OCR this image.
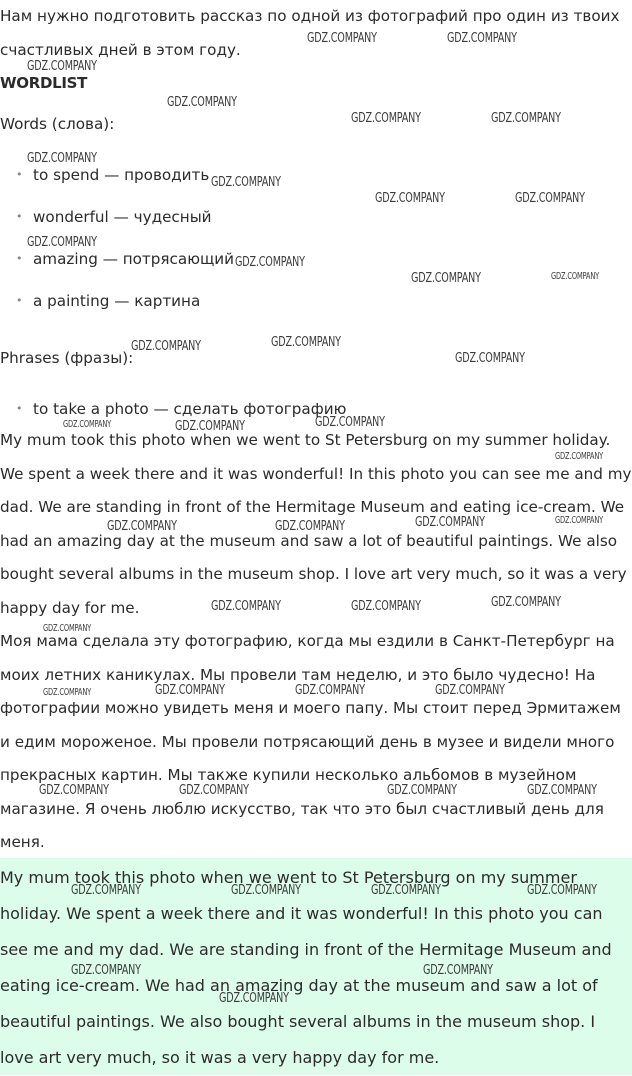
Нам нужно подготовить рассказ по одной из фотографий про один из твоих счастливых дней в этом году.
WORDLIST
Words (слова):
• to spend — проводить
• wonderful — чудесный
• amazing — потрясающий
• a painting — картина
Phrases (фразы):
• to take a photo — сделать фотографию
My mum took this photo when we went to St Petersburg on my summer holiday. We spent a week there and it was wonderful! In this photo you can see me and my dad. We are standing in front of the Hermitage Museum and eating ice-cream. We had an amazing day at the museum and saw a lot of beautiful paintings. We also bought several albums in the museum shop. I love art very much, so it was a very happy day for me.
Моя мама сделала эту фотографию, когда мы ездили в Санкт-Петербург на моих летних каникулах. Мы провели там неделю, и это было чудесно! На фотографии можно увидеть меня и моего папу. Мы стоит перед Эрмитажем и едим мороженое. Мы провели потрясающий день в музее и видели много прекрасных картин. Мы также купили несколько альбомов в музейном магазине. Я очень люблю искусство, так что это был счастливый день для меня.
My mum took this photo when we went to St Petersburg on my summer holiday. We spent a week there and it was wonderful! In this photo you can see me and my dad. We are standing in front of the Hermitage Museum and eating ice-cream. We had an amazing day at the museum and saw a lot of beautiful paintings. We also bought several albums in the museum shop. I love art very much, so it was a very happy day for me.
GDZ.COMPANY	GDZ.COMPANY
GDZ.COMPANY
GDZ.COMPANY
GDZ.COMPANY	GDZ.COMPANY
GDZ.COMPANY
GDZ.COMPANY
GDZ.COMPANY	GDZ.COMPANY
GDZ.COMPANY
GDZ.COMPANY
GDZ.COMPANY	GDZ.COMPANY
GDZ.COMPANY	GDZ.COMPANY
GDZ.COMPANY
GDZ.COMPANY
GDZ.COMPANY	GDZ.COMPANY
GDZ.COMPANY
GDZ.COMPANY	GDZ.COMPANY	GDZ.COMPANY	GDZ.COMPANY
GDZ.COMPANY	GDZ.COMPANY	GDZ.COMPANY
GDZ.COMPANY
GDZ.COMPANY	GDZ.COMPANY	GDZ.COMPANY	GDZ.COMPANY
GDZ.COMPANY	GDZ.COMPANY	GDZ.COMPANY	GDZ.COMPANY
GDZ.COMPANY	GDZ.COMPANY	GDZ.COMPANY	GDZ.COMPANY
GDZ.COMPANY	GDZ.COMPANY
GDZ.COMPANY
